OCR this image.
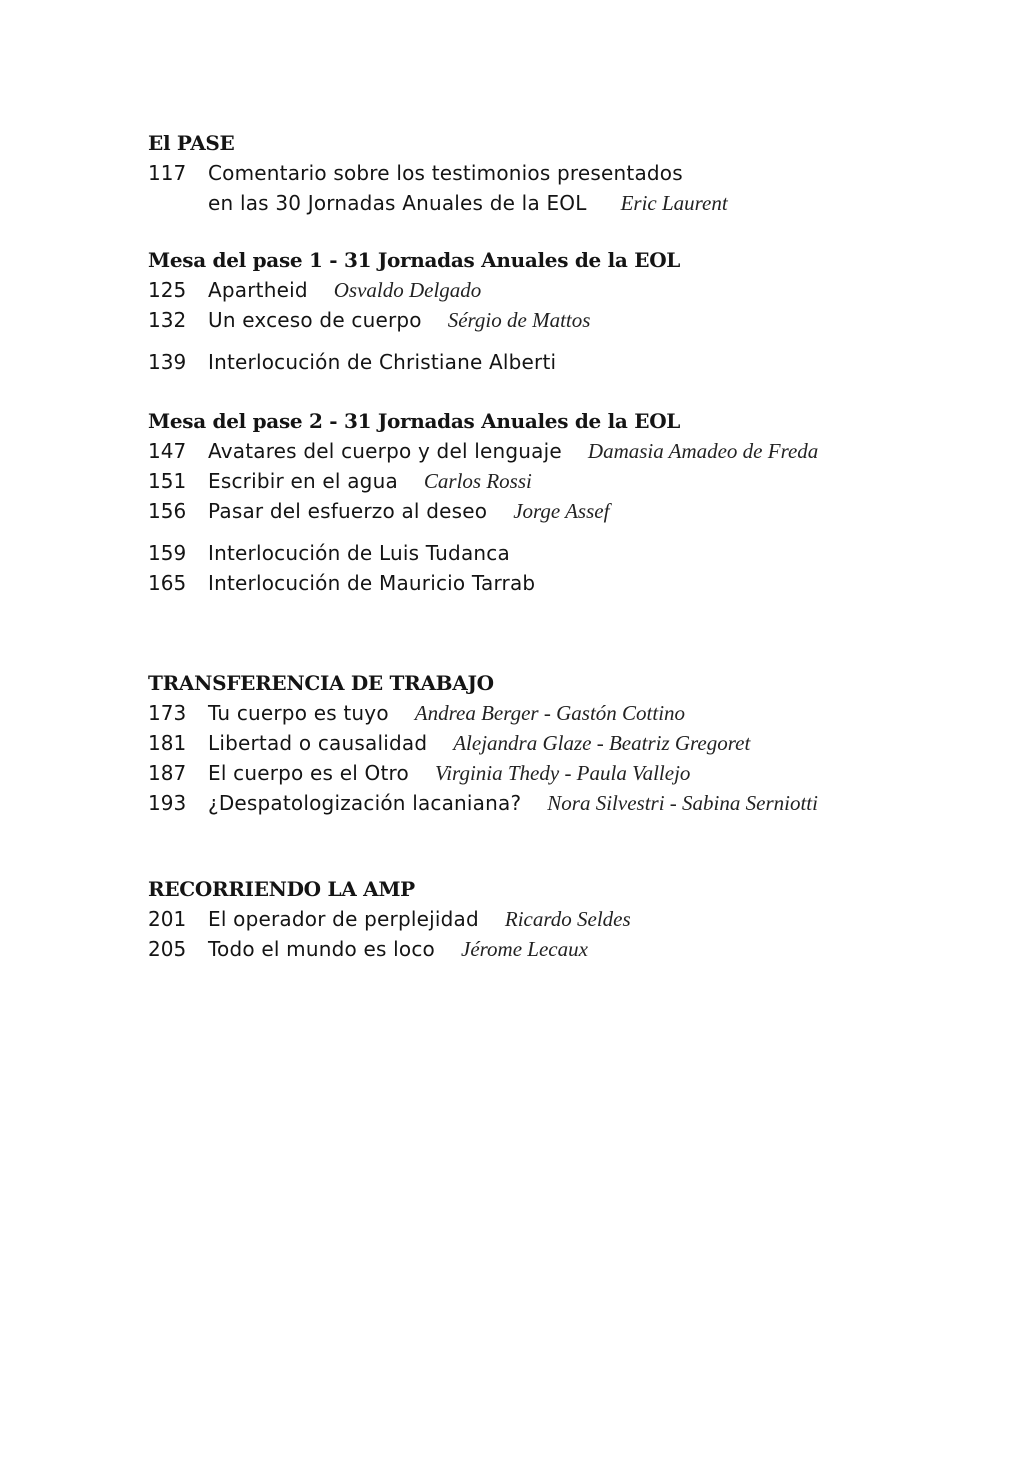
El PASE
117	Comentario sobre los testimonios presentados
en las 30 Jornadas Anuales de la EOL Eric Laurent
Mesa del pase 1 - 31 Jornadas Anuales de la EOL
125	Apartheid Osvaldo Delgado
132	Un exceso de cuerpo Sérgio de Mattos
139	Interlocución de Christiane Alberti
Mesa del pase 2 - 31 Jornadas Anuales de la EOL
147	Avatares del cuerpo y del lenguaje Damasia Amadeo de Freda
151	Escribir en el agua Carlos Rossi
156	Pasar del esfuerzo al deseo Jorge Assef
159	Interlocución de Luis Tudanca
165	Interlocución de Mauricio Tarrab
TRANSFERENCIA DE TRABAJO
173	Tu cuerpo es tuyo Andrea Berger - Gastón Cottino
181	Libertad o causalidad Alejandra Glaze - Beatriz Gregoret
187	El cuerpo es el Otro Virginia Thedy - Paula Vallejo
193	¿Despatologización lacaniana? Nora Silvestri - Sabina Serniotti
RECORRIENDO LA AMP
201	El operador de perplejidad Ricardo Seldes
205	Todo el mundo es loco Jérome Lecaux
